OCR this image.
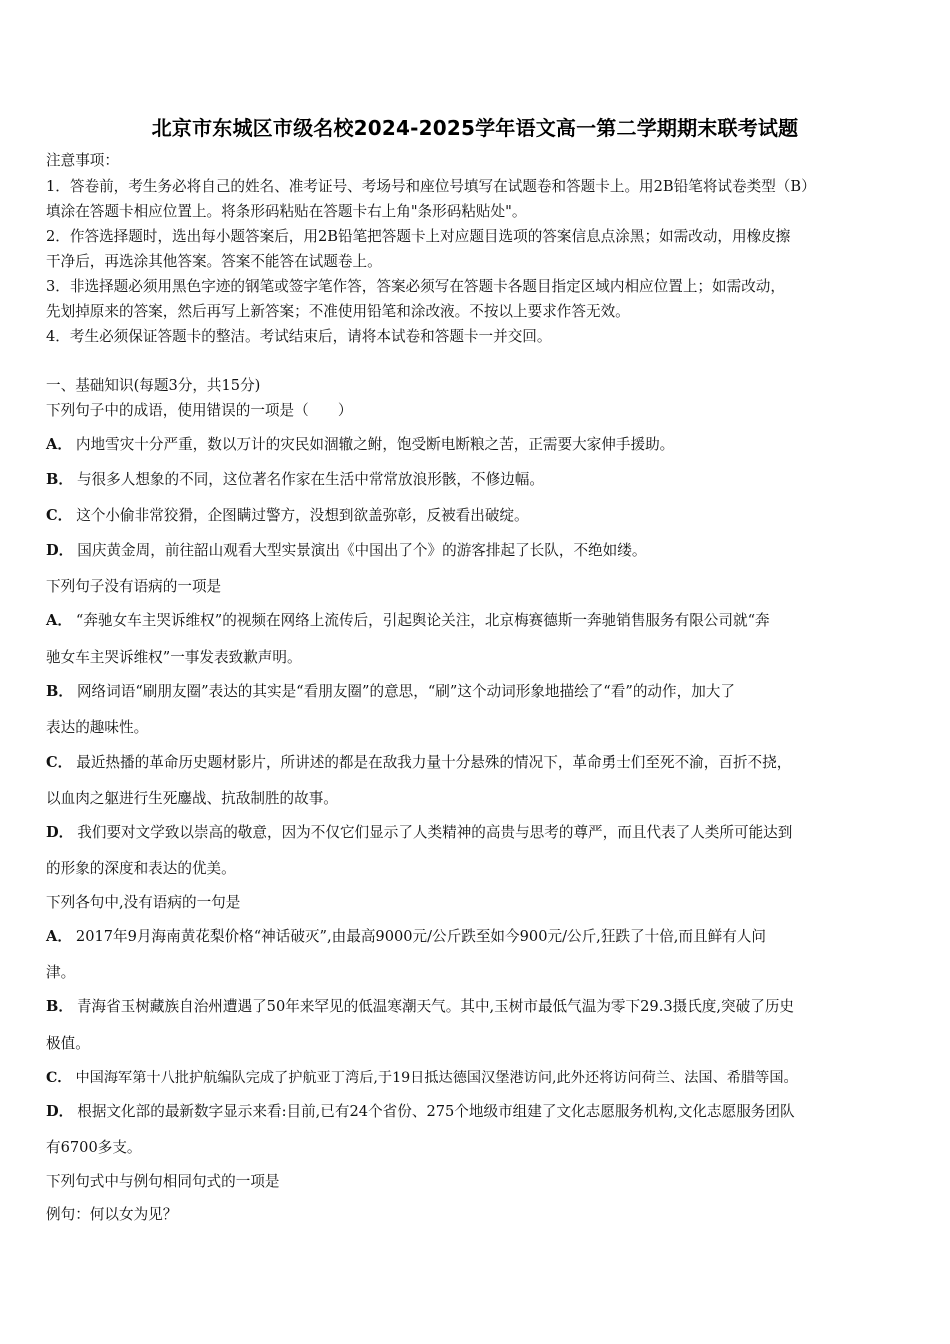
北京市东城区市级名校2024-2025学年语文高一第二学期期末联考试题
注意事项：
1．答卷前，考生务必将自己的姓名、准考证号、考场号和座位号填写在试题卷和答题卡上。用2B铅笔将试卷类型（B）
填涂在答题卡相应位置上。将条形码粘贴在答题卡右上角"条形码粘贴处"。
2．作答选择题时，选出每小题答案后，用2B铅笔把答题卡上对应题目选项的答案信息点涂黑；如需改动，用橡皮擦
干净后，再选涂其他答案。答案不能答在试题卷上。
3．非选择题必须用黑色字迹的钢笔或签字笔作答，答案必须写在答题卡各题目指定区域内相应位置上；如需改动，
先划掉原来的答案，然后再写上新答案；不准使用铅笔和涂改液。不按以上要求作答无效。
4．考生必须保证答题卡的整洁。考试结束后，请将本试卷和答题卡一并交回。
一、基础知识(每题3分，共15分)
下列句子中的成语，使用错误的一项是（　　）
A． 内地雪灾十分严重，数以万计的灾民如涸辙之鲋，饱受断电断粮之苦，正需要大家伸手援助。
B． 与很多人想象的不同，这位著名作家在生活中常常放浪形骸，不修边幅。
C． 这个小偷非常狡猾，企图瞒过警方，没想到欲盖弥彰，反被看出破绽。
D． 国庆黄金周，前往韶山观看大型实景演出《中国出了个》的游客排起了长队，不绝如缕。
下列句子没有语病的一项是
A． “奔驰女车主哭诉维权”的视频在网络上流传后，引起舆论关注，北京梅赛德斯一奔驰销售服务有限公司就“奔
驰女车主哭诉维权”一事发表致歉声明。
B． 网络词语“刷朋友圈”表达的其实是“看朋友圈”的意思，“刷”这个动词形象地描绘了“看”的动作，加大了
表达的趣味性。
C． 最近热播的革命历史题材影片，所讲述的都是在敌我力量十分悬殊的情况下，革命勇士们至死不渝，百折不挠，
以血肉之躯进行生死鏖战、抗敌制胜的故事。
D． 我们要对文学致以崇高的敬意，因为不仅它们显示了人类精神的高贵与思考的尊严，而且代表了人类所可能达到
的形象的深度和表达的优美。
下列各句中,没有语病的一句是
A． 2017年9月海南黄花梨价格“神话破灭”,由最高9000元/公斤跌至如今900元/公斤,狂跌了十倍,而且鲜有人问
津。
B． 青海省玉树藏族自治州遭遇了50年来罕见的低温寒潮天气。其中,玉树市最低气温为零下29.3摄氏度,突破了历史
极值。
C． 中国海军第十八批护航编队完成了护航亚丁湾后,于19日抵达德国汉堡港访问,此外还将访问荷兰、法国、希腊等国。
D． 根据文化部的最新数字显示来看:目前,已有24个省份、275个地级市组建了文化志愿服务机构,文化志愿服务团队
有6700多支。
下列句式中与例句相同句式的一项是
例句：何以女为见？
